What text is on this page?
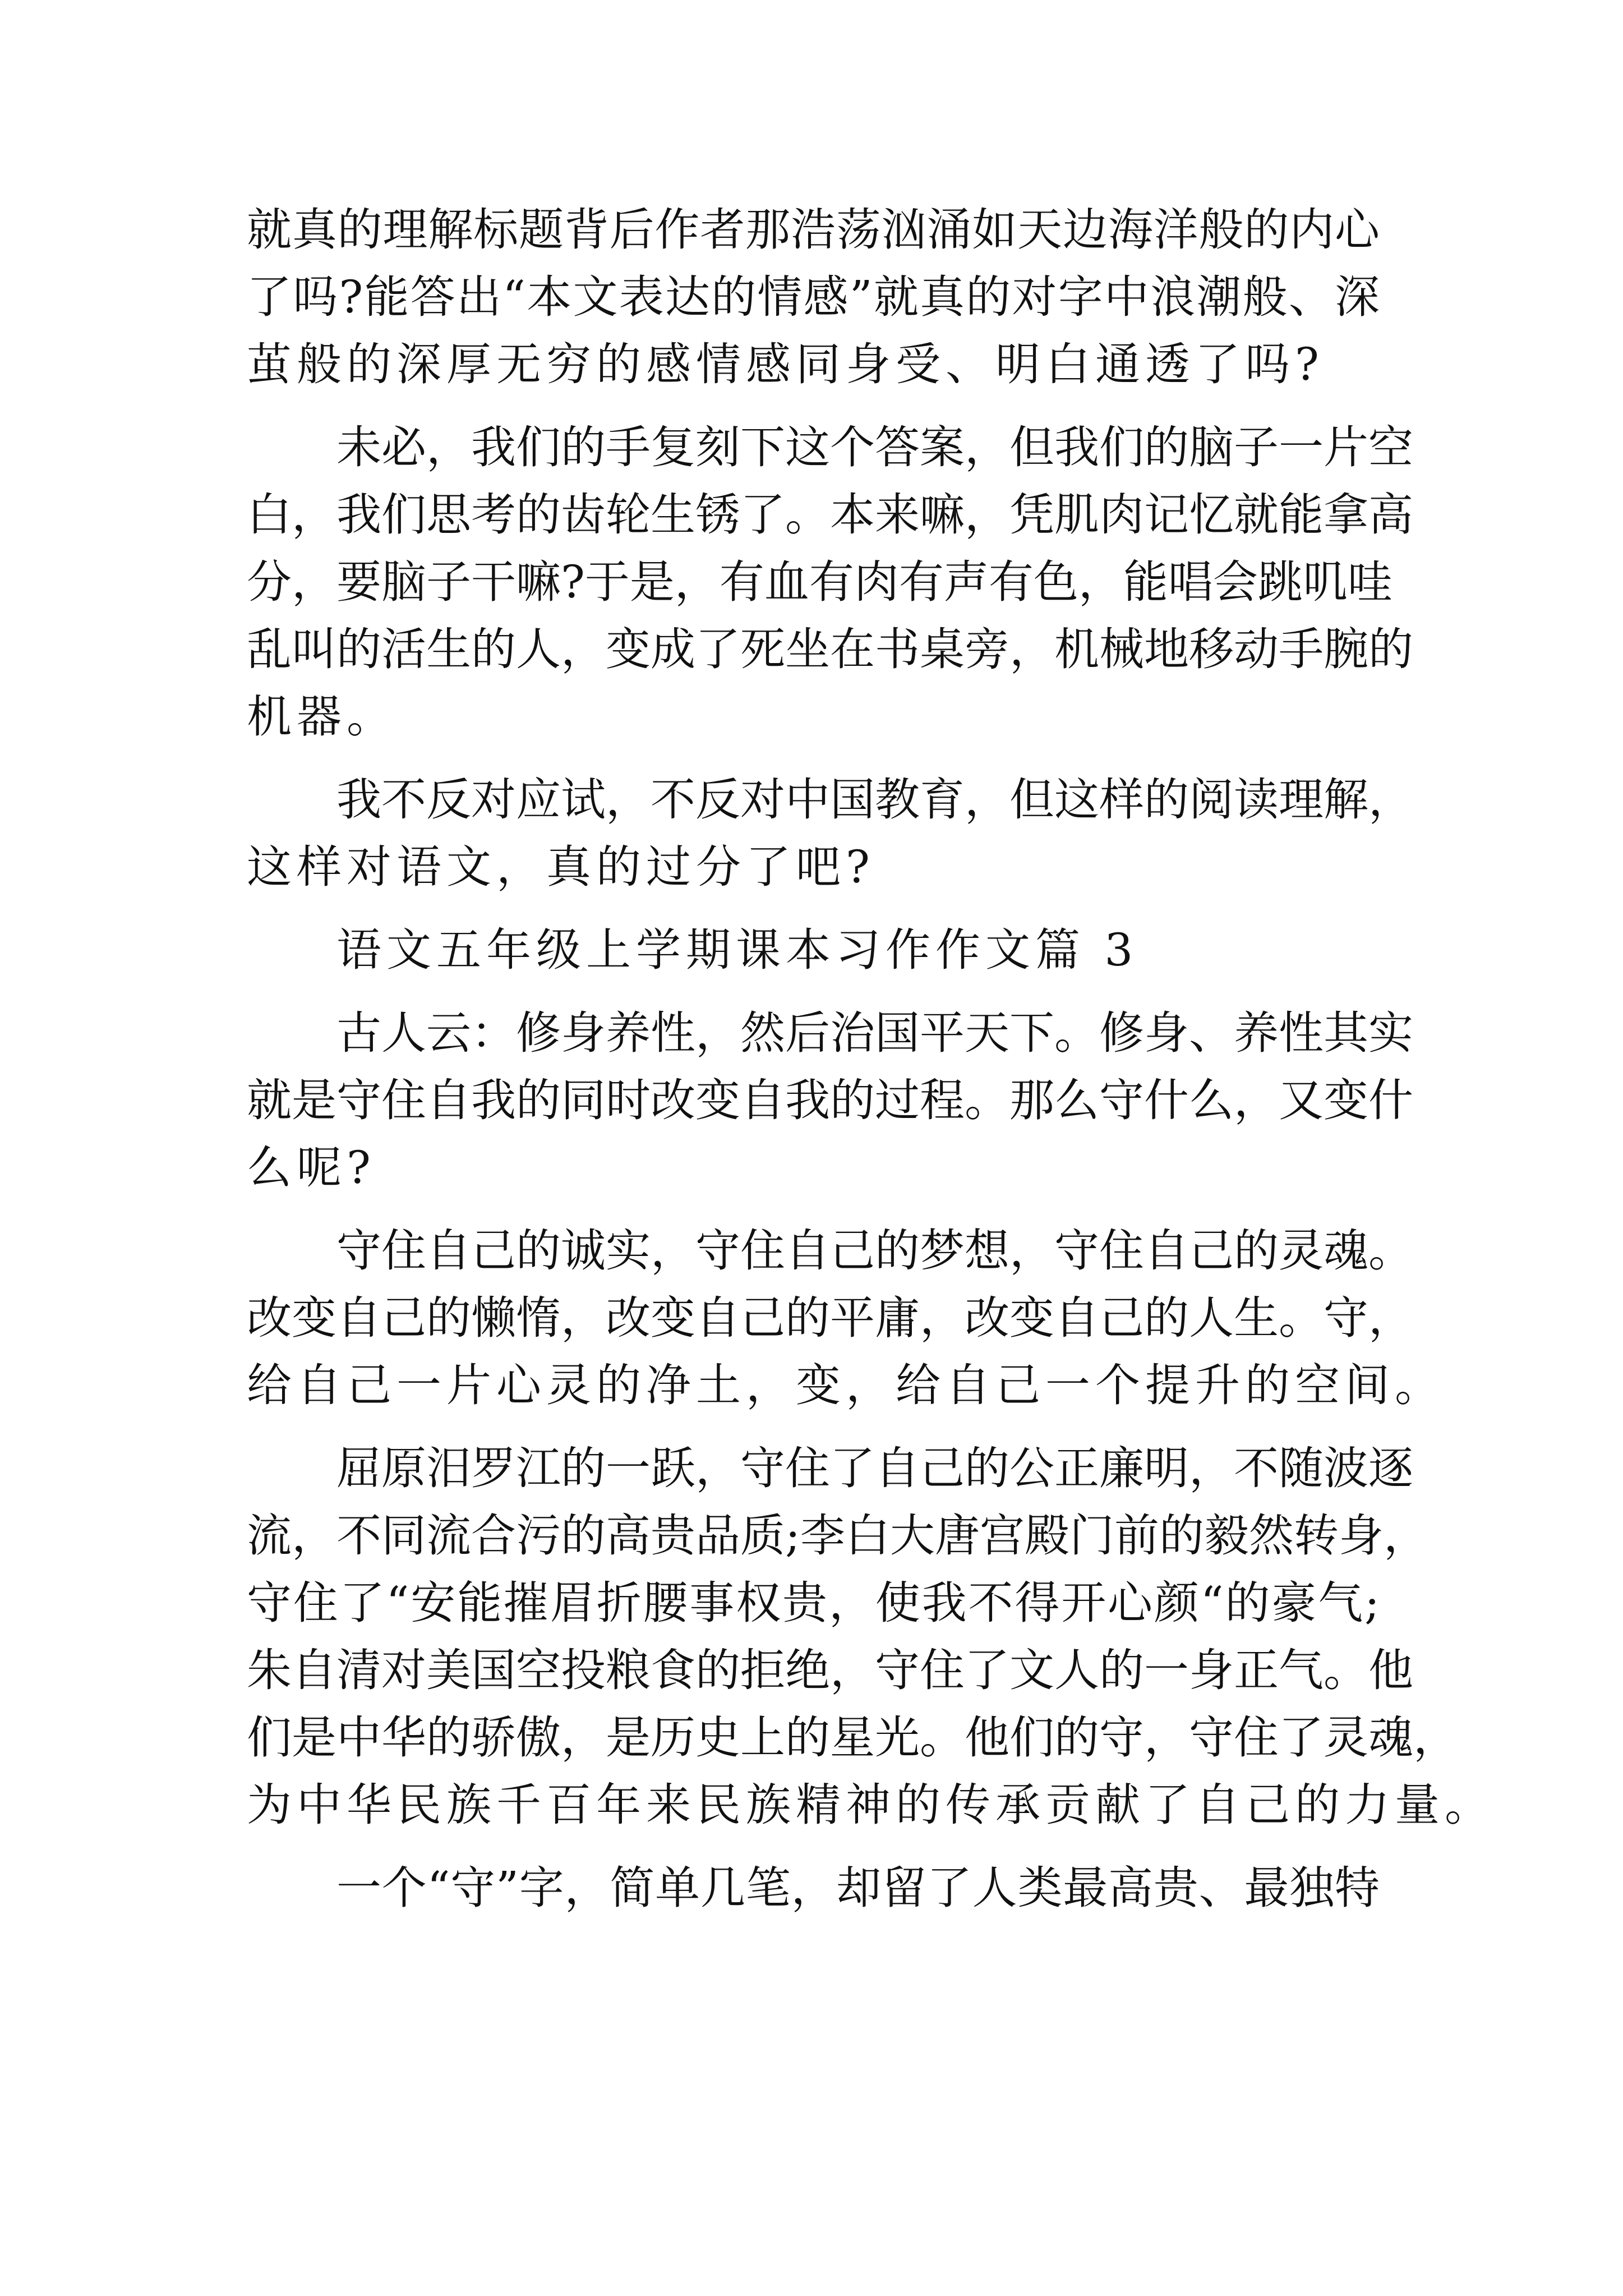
就真的理解标题背后作者那浩荡汹涌如天边海洋般的内心
了吗?能答出“本文表达的情感”就真的对字中浪潮般、深
茧般的深厚无穷的感情感同身受、明白通透了吗?
未必，我们的手复刻下这个答案，但我们的脑子一片空
白，我们思考的齿轮生锈了。本来嘛，凭肌肉记忆就能拿高
分，要脑子干嘛?于是，有血有肉有声有色，能唱会跳叽哇
乱叫的活生的人，变成了死坐在书桌旁，机械地移动手腕的
机器。
我不反对应试，不反对中国教育，但这样的阅读理解，
这样对语文，真的过分了吧?
语文五年级上学期课本习作作文篇 3
古人云：修身养性，然后治国平天下。修身、养性其实
就是守住自我的同时改变自我的过程。那么守什么，又变什
么呢?
守住自己的诚实，守住自己的梦想，守住自己的灵魂。
改变自己的懒惰，改变自己的平庸，改变自己的人生。守，
给自己一片心灵的净土，变，给自己一个提升的空间。
屈原汨罗江的一跃，守住了自己的公正廉明，不随波逐
流，不同流合污的高贵品质;李白大唐宫殿门前的毅然转身，
守住了“安能摧眉折腰事权贵，使我不得开心颜“的豪气;
朱自清对美国空投粮食的拒绝，守住了文人的一身正气。他
们是中华的骄傲，是历史上的星光。他们的守，守住了灵魂，
为中华民族千百年来民族精神的传承贡献了自己的力量。
一个“守”字，简单几笔，却留了人类最高贵、最独特
